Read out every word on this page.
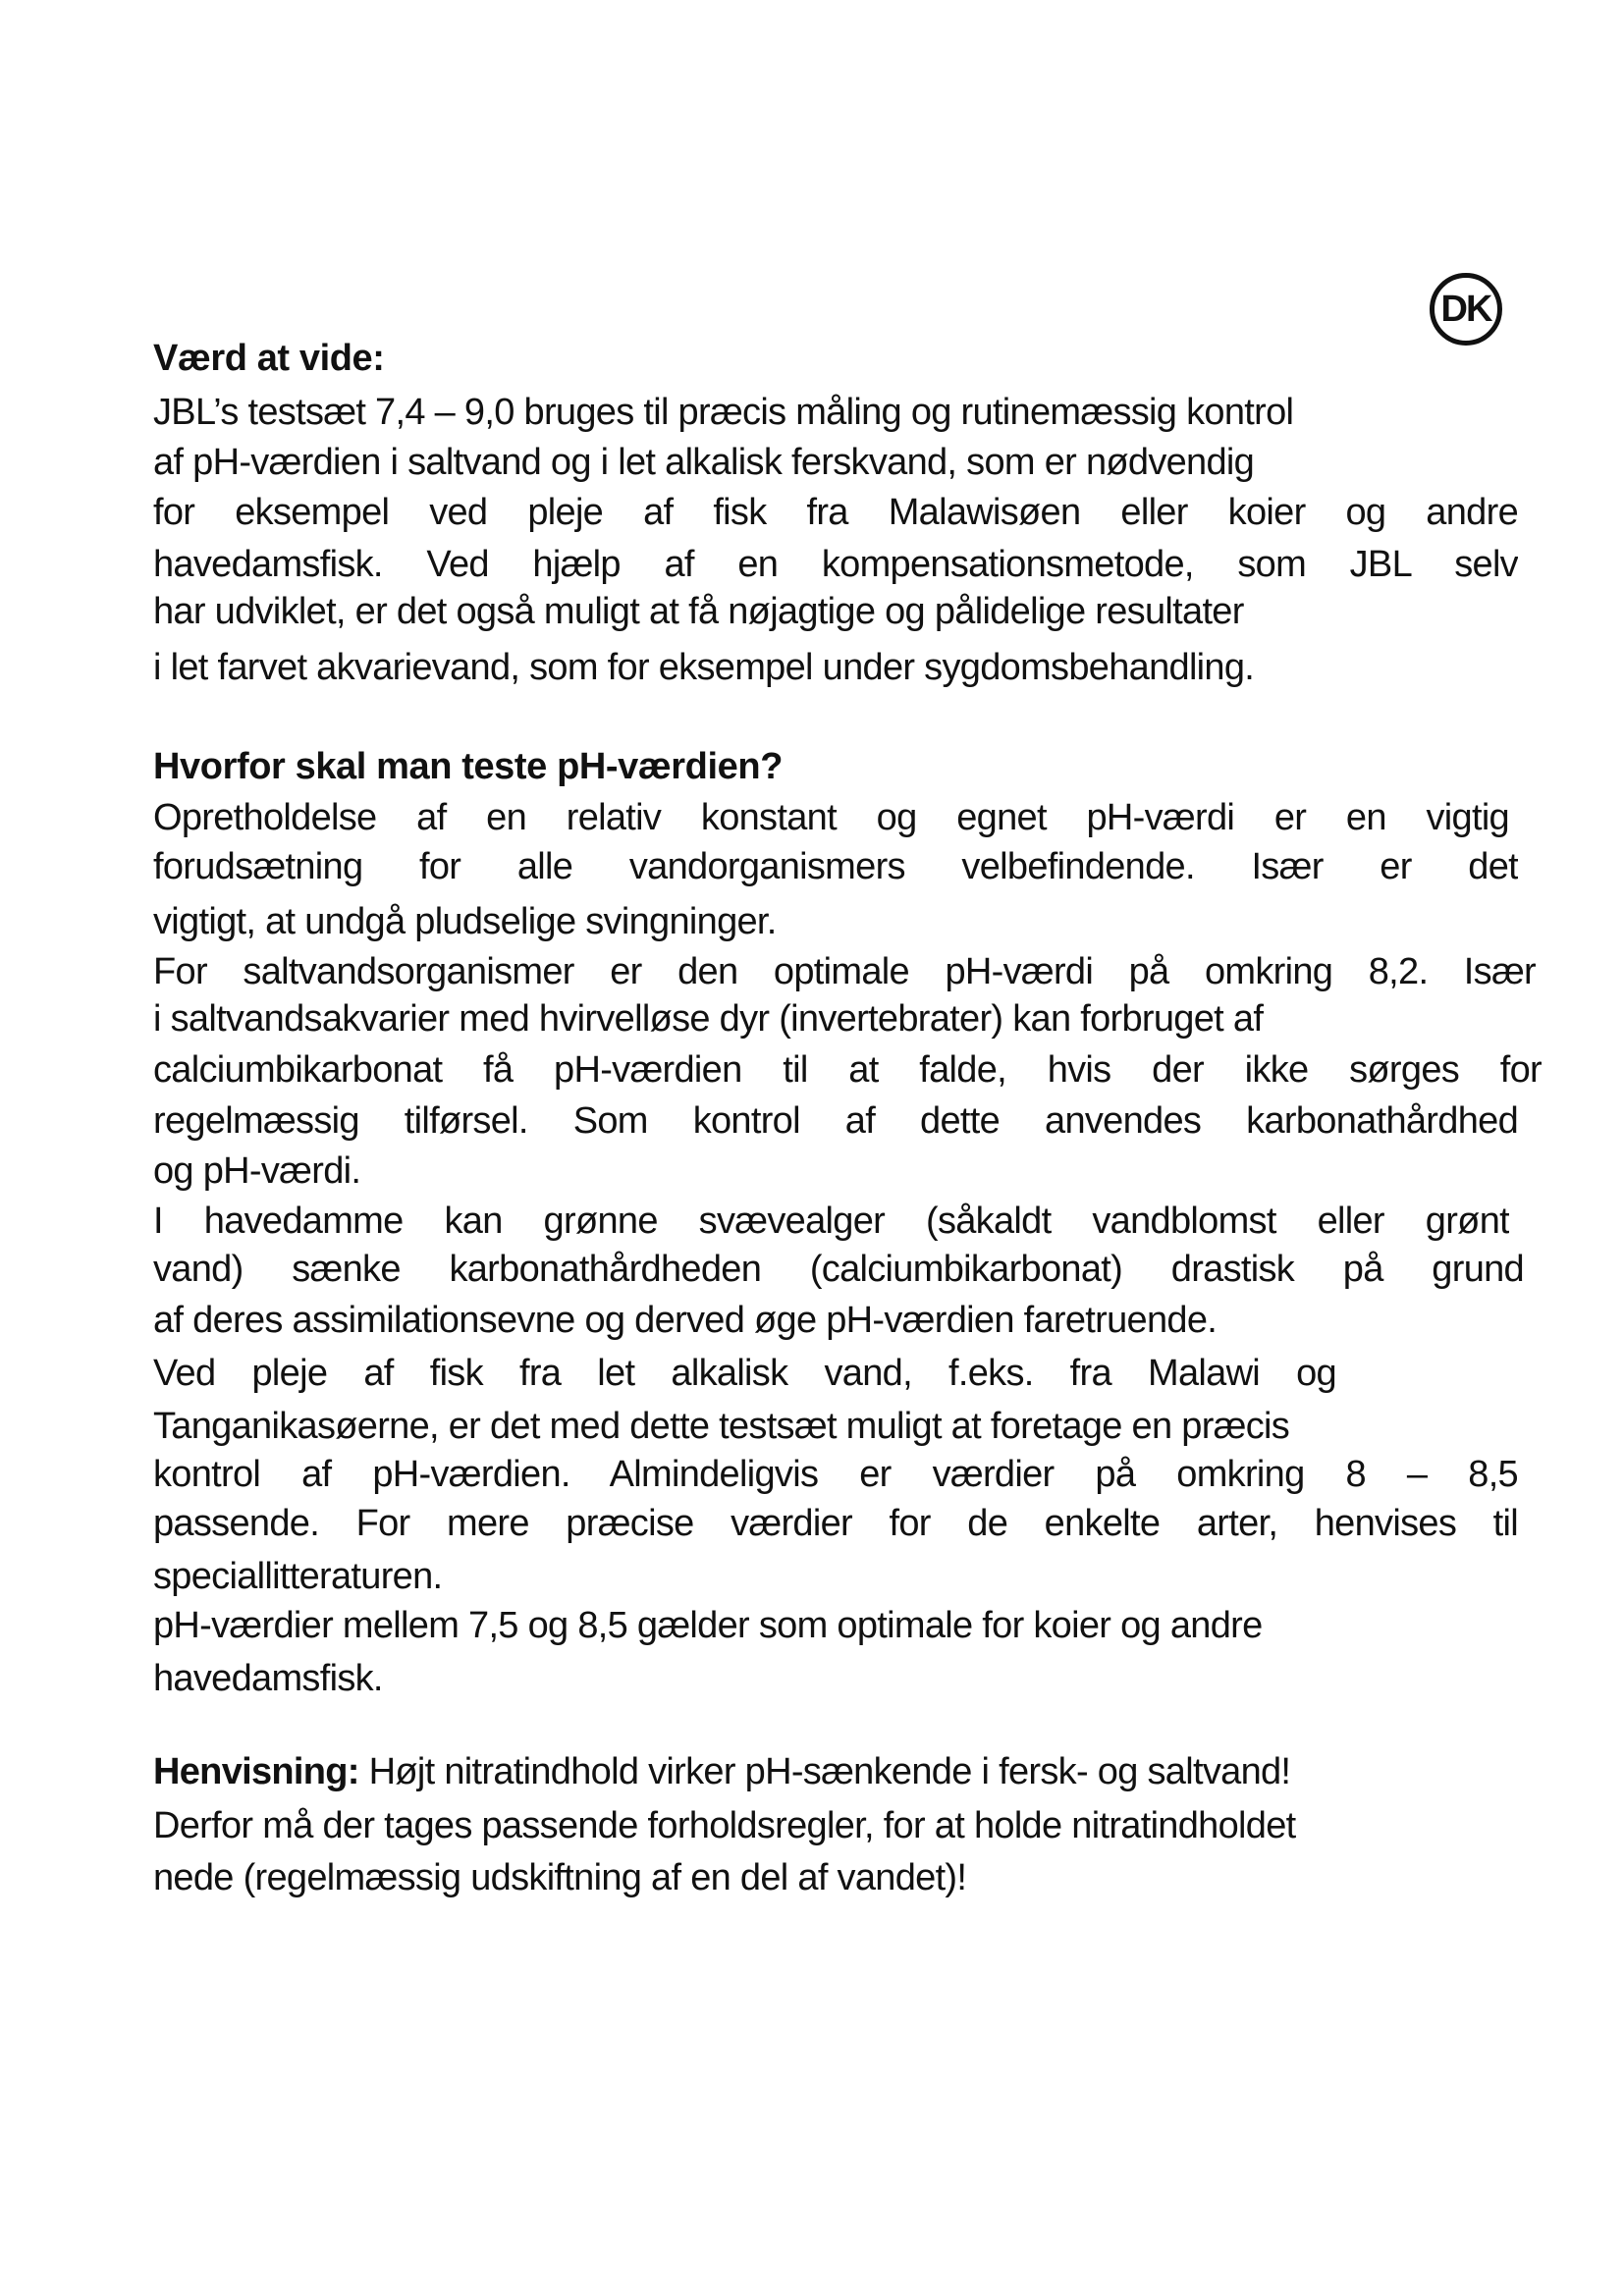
DK
Værd at vide:
JBL’s testsæt 7,4 – 9,0 bruges til præcis måling og rutinemæssig kontrol
af pH-værdien i saltvand og i let alkalisk ferskvand, som er nødvendig
for eksempel ved pleje af fisk fra Malawisøen eller koier og andre
havedamsfisk. Ved hjælp af en kompensationsmetode, som JBL selv
har udviklet, er det også muligt at få nøjagtige og pålidelige resultater
i let farvet akvarievand, som for eksempel under sygdomsbehandling.
Hvorfor skal man teste pH-værdien?
Opretholdelse af en relativ konstant og egnet pH-værdi er en vigtig
forudsætning for alle vandorganismers velbefindende. Især er det
vigtigt, at undgå pludselige svingninger.
For saltvandsorganismer er den optimale pH-værdi på omkring 8,2. Især
i saltvandsakvarier med hvirvelløse dyr (invertebrater) kan forbruget af
calciumbikarbonat få pH-værdien til at falde, hvis der ikke sørges for
regelmæssig tilførsel. Som kontrol af dette anvendes karbonathårdhed
og pH-værdi.
I havedamme kan grønne svævealger (såkaldt vandblomst eller grønt
vand) sænke karbonathårdheden (calciumbikarbonat) drastisk på grund
af deres assimilationsevne og derved øge pH-værdien faretruende.
Ved pleje af fisk fra let alkalisk vand, f.eks. fra Malawi og
Tanganikasøerne, er det med dette testsæt muligt at foretage en præcis
kontrol af pH-værdien. Almindeligvis er værdier på omkring 8 – 8,5
passende. For mere præcise værdier for de enkelte arter, henvises til
speciallitteraturen.
pH-værdier mellem 7,5 og 8,5 gælder som optimale for koier og andre
havedamsfisk.
Henvisning: Højt nitratindhold virker pH-sænkende i fersk- og saltvand!
Derfor må der tages passende forholdsregler, for at holde nitratindholdet
nede (regelmæssig udskiftning af en del af vandet)!
